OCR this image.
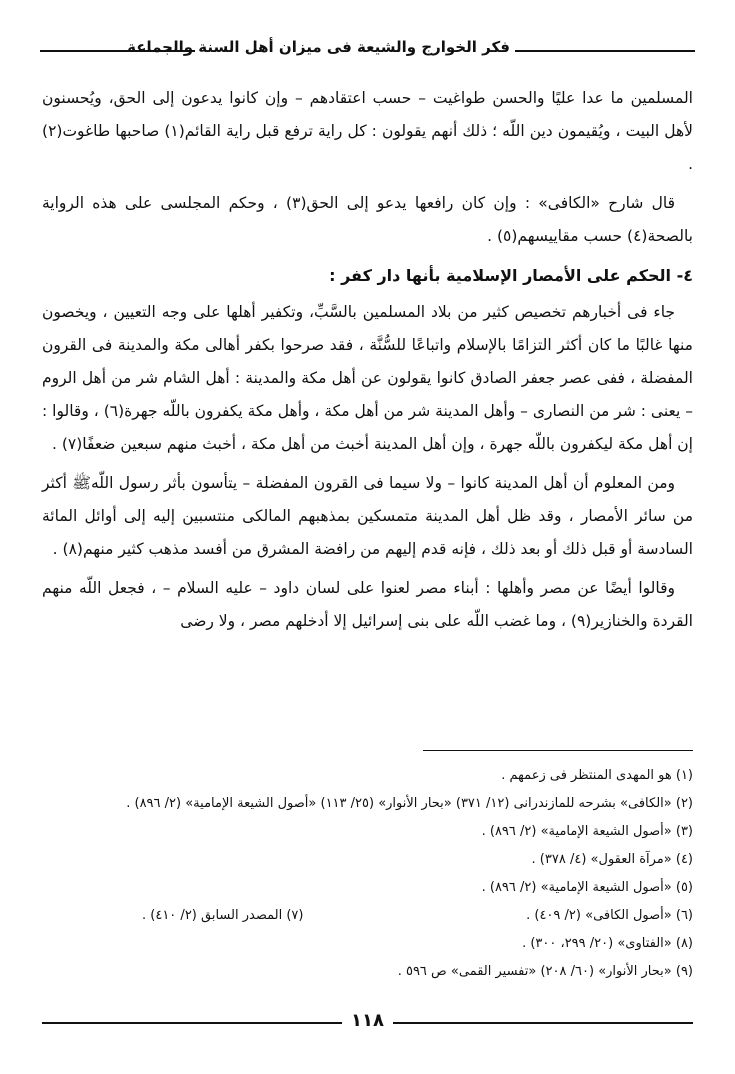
فكر الخوارج والشيعة فى ميزان أهل السنة والجماعة

المسلمين ما عدا عليًا والحسن طواغيت – حسب اعتقادهم – وإن كانوا يدعون إلى الحق، ويُحسنون لأهل البيت ، ويُقيمون دين اللّه ؛ ذلك أنهم يقولون : كل راية ترفع قبل راية القائم(١) صاحبها طاغوت(٢) .

قال شارح «الكافى» : وإن كان رافعها يدعو إلى الحق(٣) ، وحكم المجلسى على هذه الرواية بالصحة(٤) حسب مقاييسهم(٥) .

٤- الحكم على الأمصار الإسلامية بأنها دار كفر :

جاء فى أخبارهم تخصيص كثير من بلاد المسلمين بالسَّبِّ، وتكفير أهلها على وجه التعيين ، ويخصون منها غالبًا ما كان أكثر التزامًا بالإسلام واتباعًا للسُّنَّة ، فقد صرحوا بكفر أهالى مكة والمدينة فى القرون المفضلة ، ففى عصر جعفر الصادق كانوا يقولون عن أهل مكة والمدينة : أهل الشام شر من أهل الروم – يعنى : شر من النصارى – وأهل المدينة شر من أهل مكة ، وأهل مكة يكفرون باللّه جهرة(٦) ، وقالوا : إن أهل مكة ليكفرون باللّه جهرة ، وإن أهل المدينة أخبث من أهل مكة ، أخبث منهم سبعين ضعفًا(٧) .

ومن المعلوم أن أهل المدينة كانوا – ولا سيما فى القرون المفضلة – يتأسون بأثر رسول اللّهﷺ أكثر من سائر الأمصار ، وقد ظل أهل المدينة متمسكين بمذهبهم المالكى منتسبين إليه إلى أوائل المائة السادسة أو قبل ذلك أو بعد ذلك ، فإنه قدم إليهم من رافضة المشرق من أفسد مذهب كثير منهم(٨) .

وقالوا أيضًا عن مصر وأهلها : أبناء مصر لعنوا على لسان داود – عليه السلام – ، فجعل اللّه منهم القردة والخنازير(٩) ، وما غضب اللّه على بنى إسرائيل إلا أدخلهم مصر ، ولا رضى

(١) هو المهدى المنتظر فى زعمهم .
(٢) «الكافى» بشرحه للمازندرانى (١٢/ ٣٧١) «بحار الأنوار» (٢٥/ ١١٣) «أصول الشيعة الإمامية» (٢/ ٨٩٦) .
(٣) «أصول الشيعة الإمامية» (٢/ ٨٩٦) .
(٤) «مرآة العقول» (٤/ ٣٧٨) .
(٥) «أصول الشيعة الإمامية» (٢/ ٨٩٦) .
(٦) «أصول الكافى» (٢/ ٤٠٩) .
(٧) المصدر السابق (٢/ ٤١٠) .
(٨) «الفتاوى» (٢٠/ ٢٩٩، ٣٠٠) .
(٩) «بحار الأنوار» (٦٠/ ٢٠٨) «تفسير القمى» ص ٥٩٦ .
١١٨
